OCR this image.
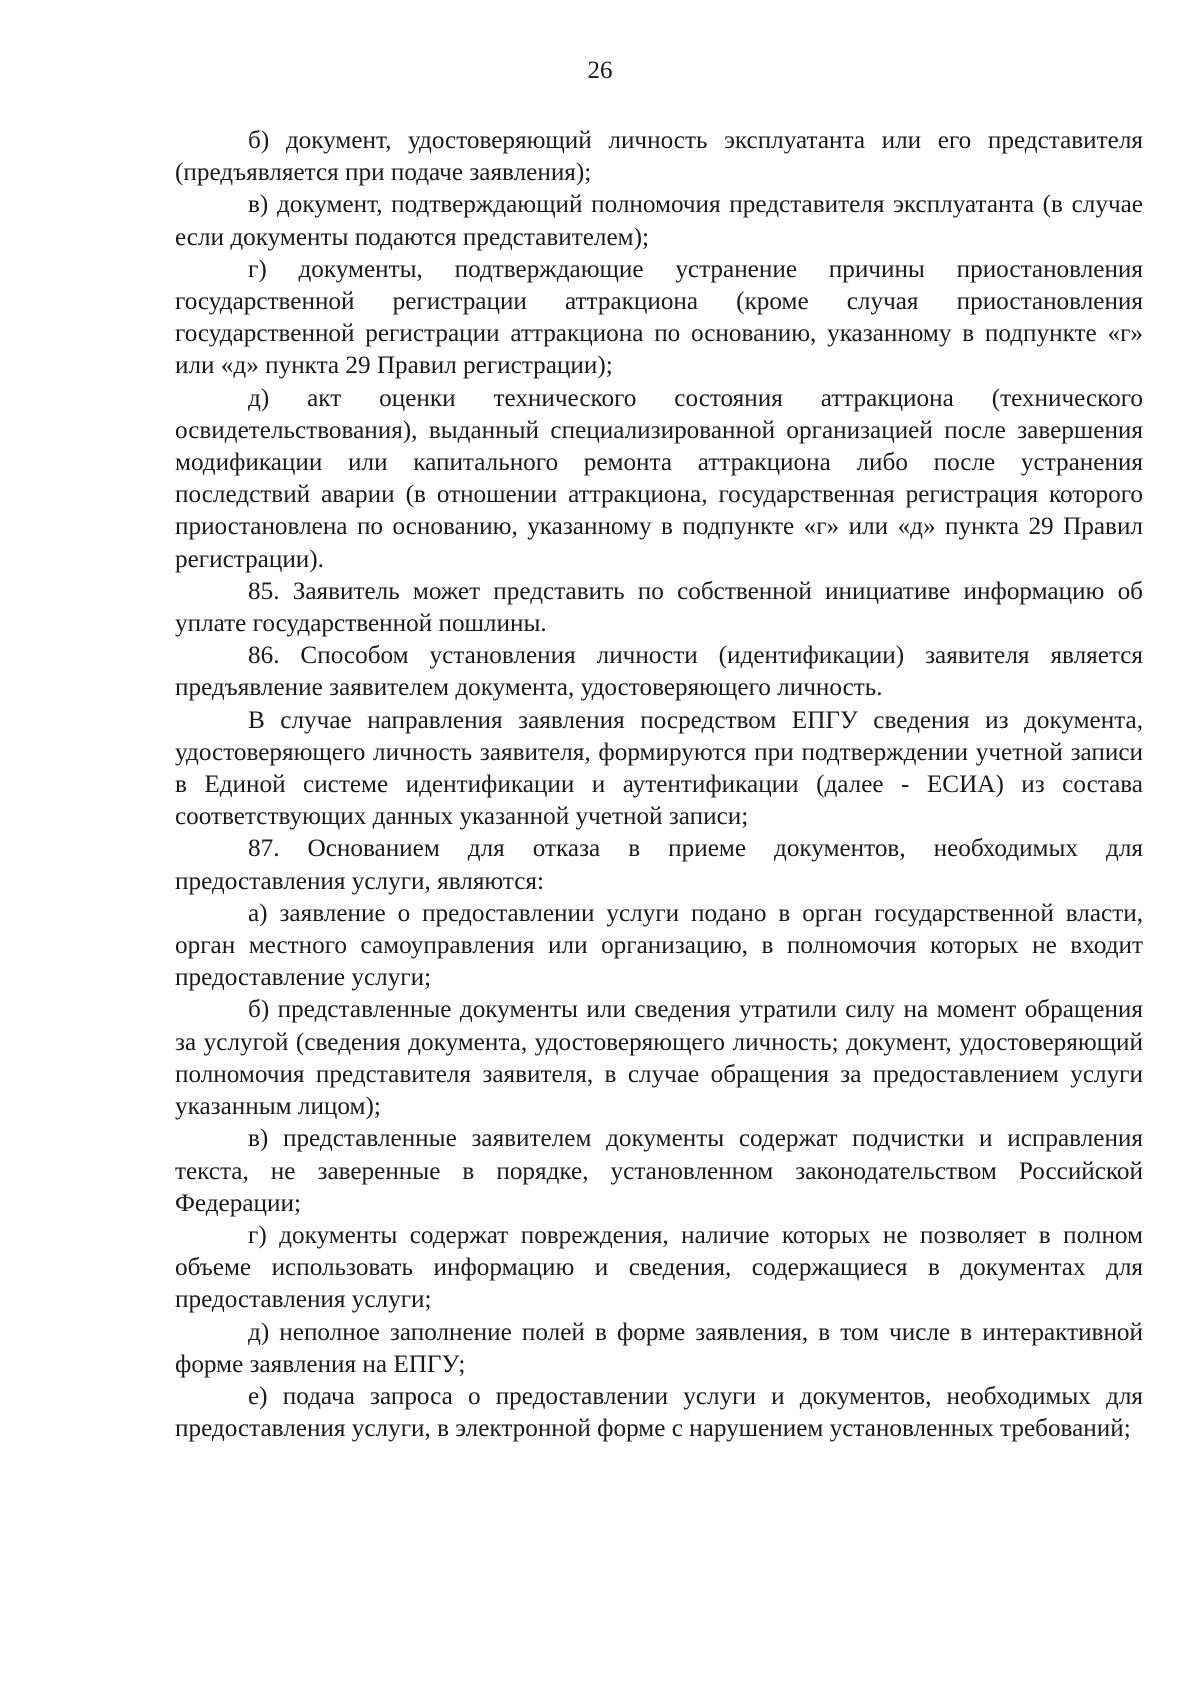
26

б) документ, удостоверяющий личность эксплуатанта или его представителя (предъявляется при подаче заявления);

в) документ, подтверждающий полномочия представителя эксплуатанта (в случае если документы подаются представителем);

г) документы, подтверждающие устранение причины приостановления государственной регистрации аттракциона (кроме случая приостановления государственной регистрации аттракциона по основанию, указанному в подпункте «г» или «д» пункта 29 Правил регистрации);

д) акт оценки технического состояния аттракциона (технического освидетельствования), выданный специализированной организацией после завершения модификации или капитального ремонта аттракциона либо после устранения последствий аварии (в отношении аттракциона, государственная регистрация которого приостановлена по основанию, указанному в подпункте «г» или «д» пункта 29 Правил регистрации).

85. Заявитель может представить по собственной инициативе информацию об уплате государственной пошлины.

86. Способом установления личности (идентификации) заявителя является предъявление заявителем документа, удостоверяющего личность.

В случае направления заявления посредством ЕПГУ сведения из документа, удостоверяющего личность заявителя, формируются при подтверждении учетной записи в Единой системе идентификации и аутентификации (далее - ЕСИА) из состава соответствующих данных указанной учетной записи;

87. Основанием для отказа в приеме документов, необходимых для предоставления услуги, являются:

а) заявление о предоставлении услуги подано в орган государственной власти, орган местного самоуправления или организацию, в полномочия которых не входит предоставление услуги;

б) представленные документы или сведения утратили силу на момент обращения за услугой (сведения документа, удостоверяющего личность; документ, удостоверяющий полномочия представителя заявителя, в случае обращения за предоставлением услуги указанным лицом);

в) представленные заявителем документы содержат подчистки и исправления текста, не заверенные в порядке, установленном законодательством Российской Федерации;

г) документы содержат повреждения, наличие которых не позволяет в полном объеме использовать информацию и сведения, содержащиеся в документах для предоставления услуги;

д) неполное заполнение полей в форме заявления, в том числе в интерактивной форме заявления на ЕПГУ;

е) подача запроса о предоставлении услуги и документов, необходимых для предоставления услуги, в электронной форме с нарушением установленных требований;
